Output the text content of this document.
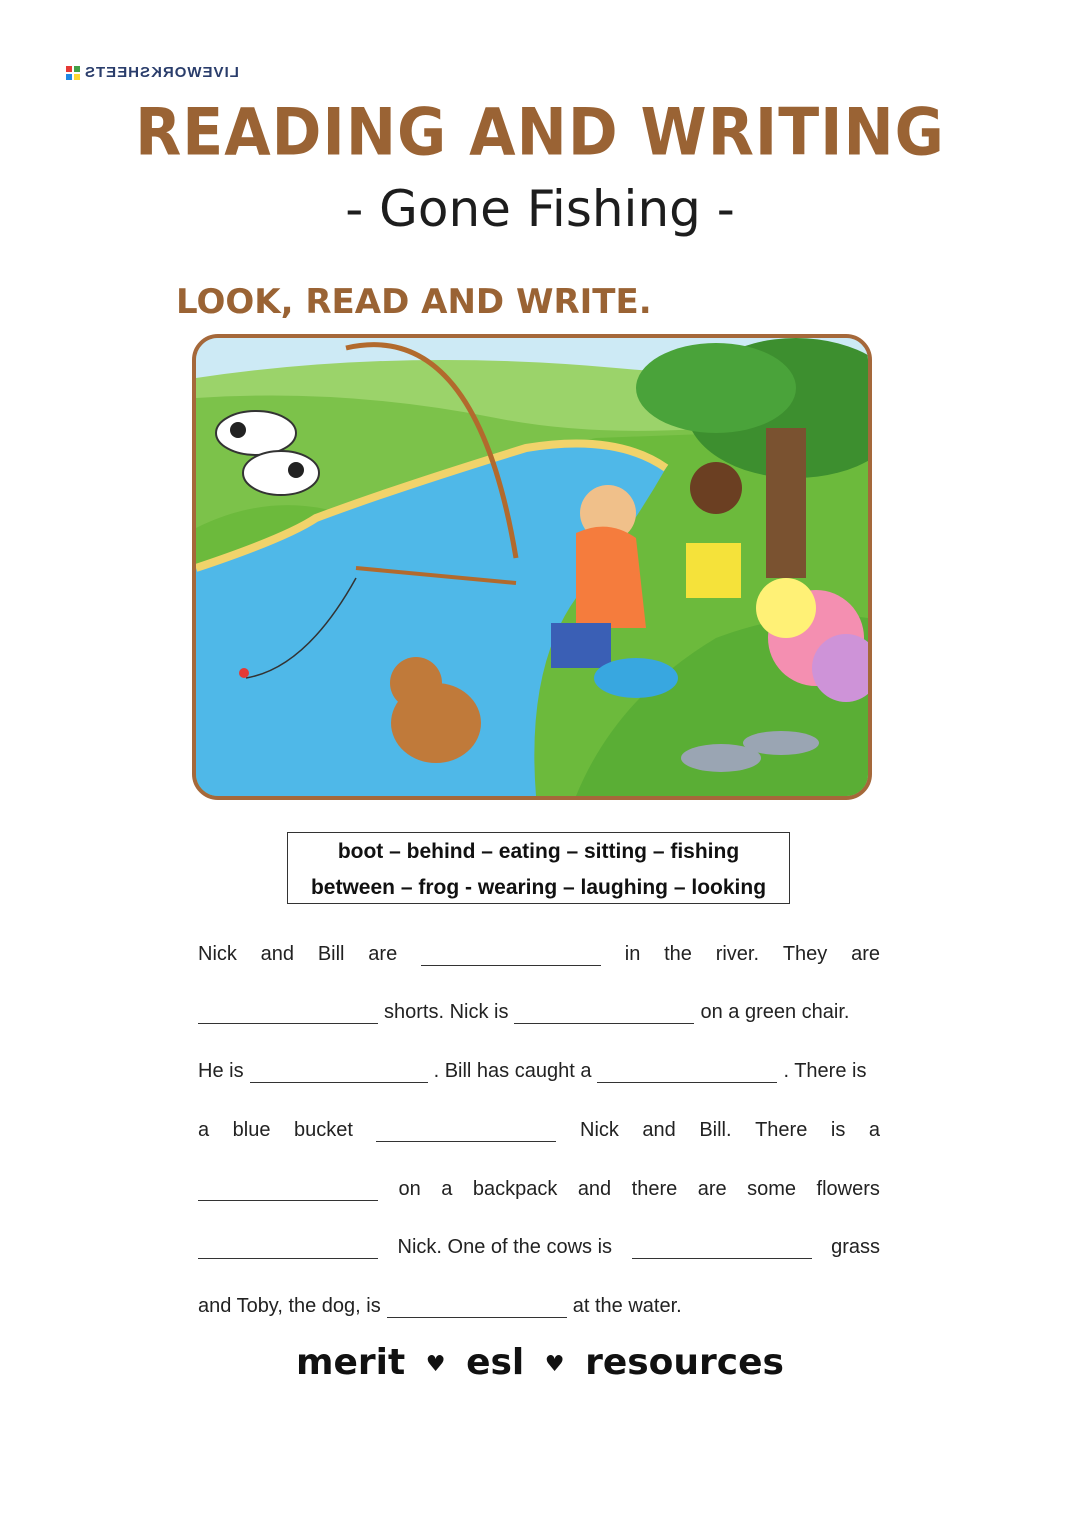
LIVEWORKSHEETS
READING AND WRITING
- Gone Fishing -
LOOK, READ AND WRITE.
boot – behind – eating – sitting – fishing
between – frog - wearing – laughing – looking
Nick and Bill are	in the river. They are
shorts. Nick is	on a green chair.
He is	. Bill has caught a	. There is
a blue bucket	Nick and Bill. There is a
on a backpack and there are some flowers
Nick. One of the cows is	grass
and Toby, the dog, is	at the water.
merit ♥ esl ♥ resources
